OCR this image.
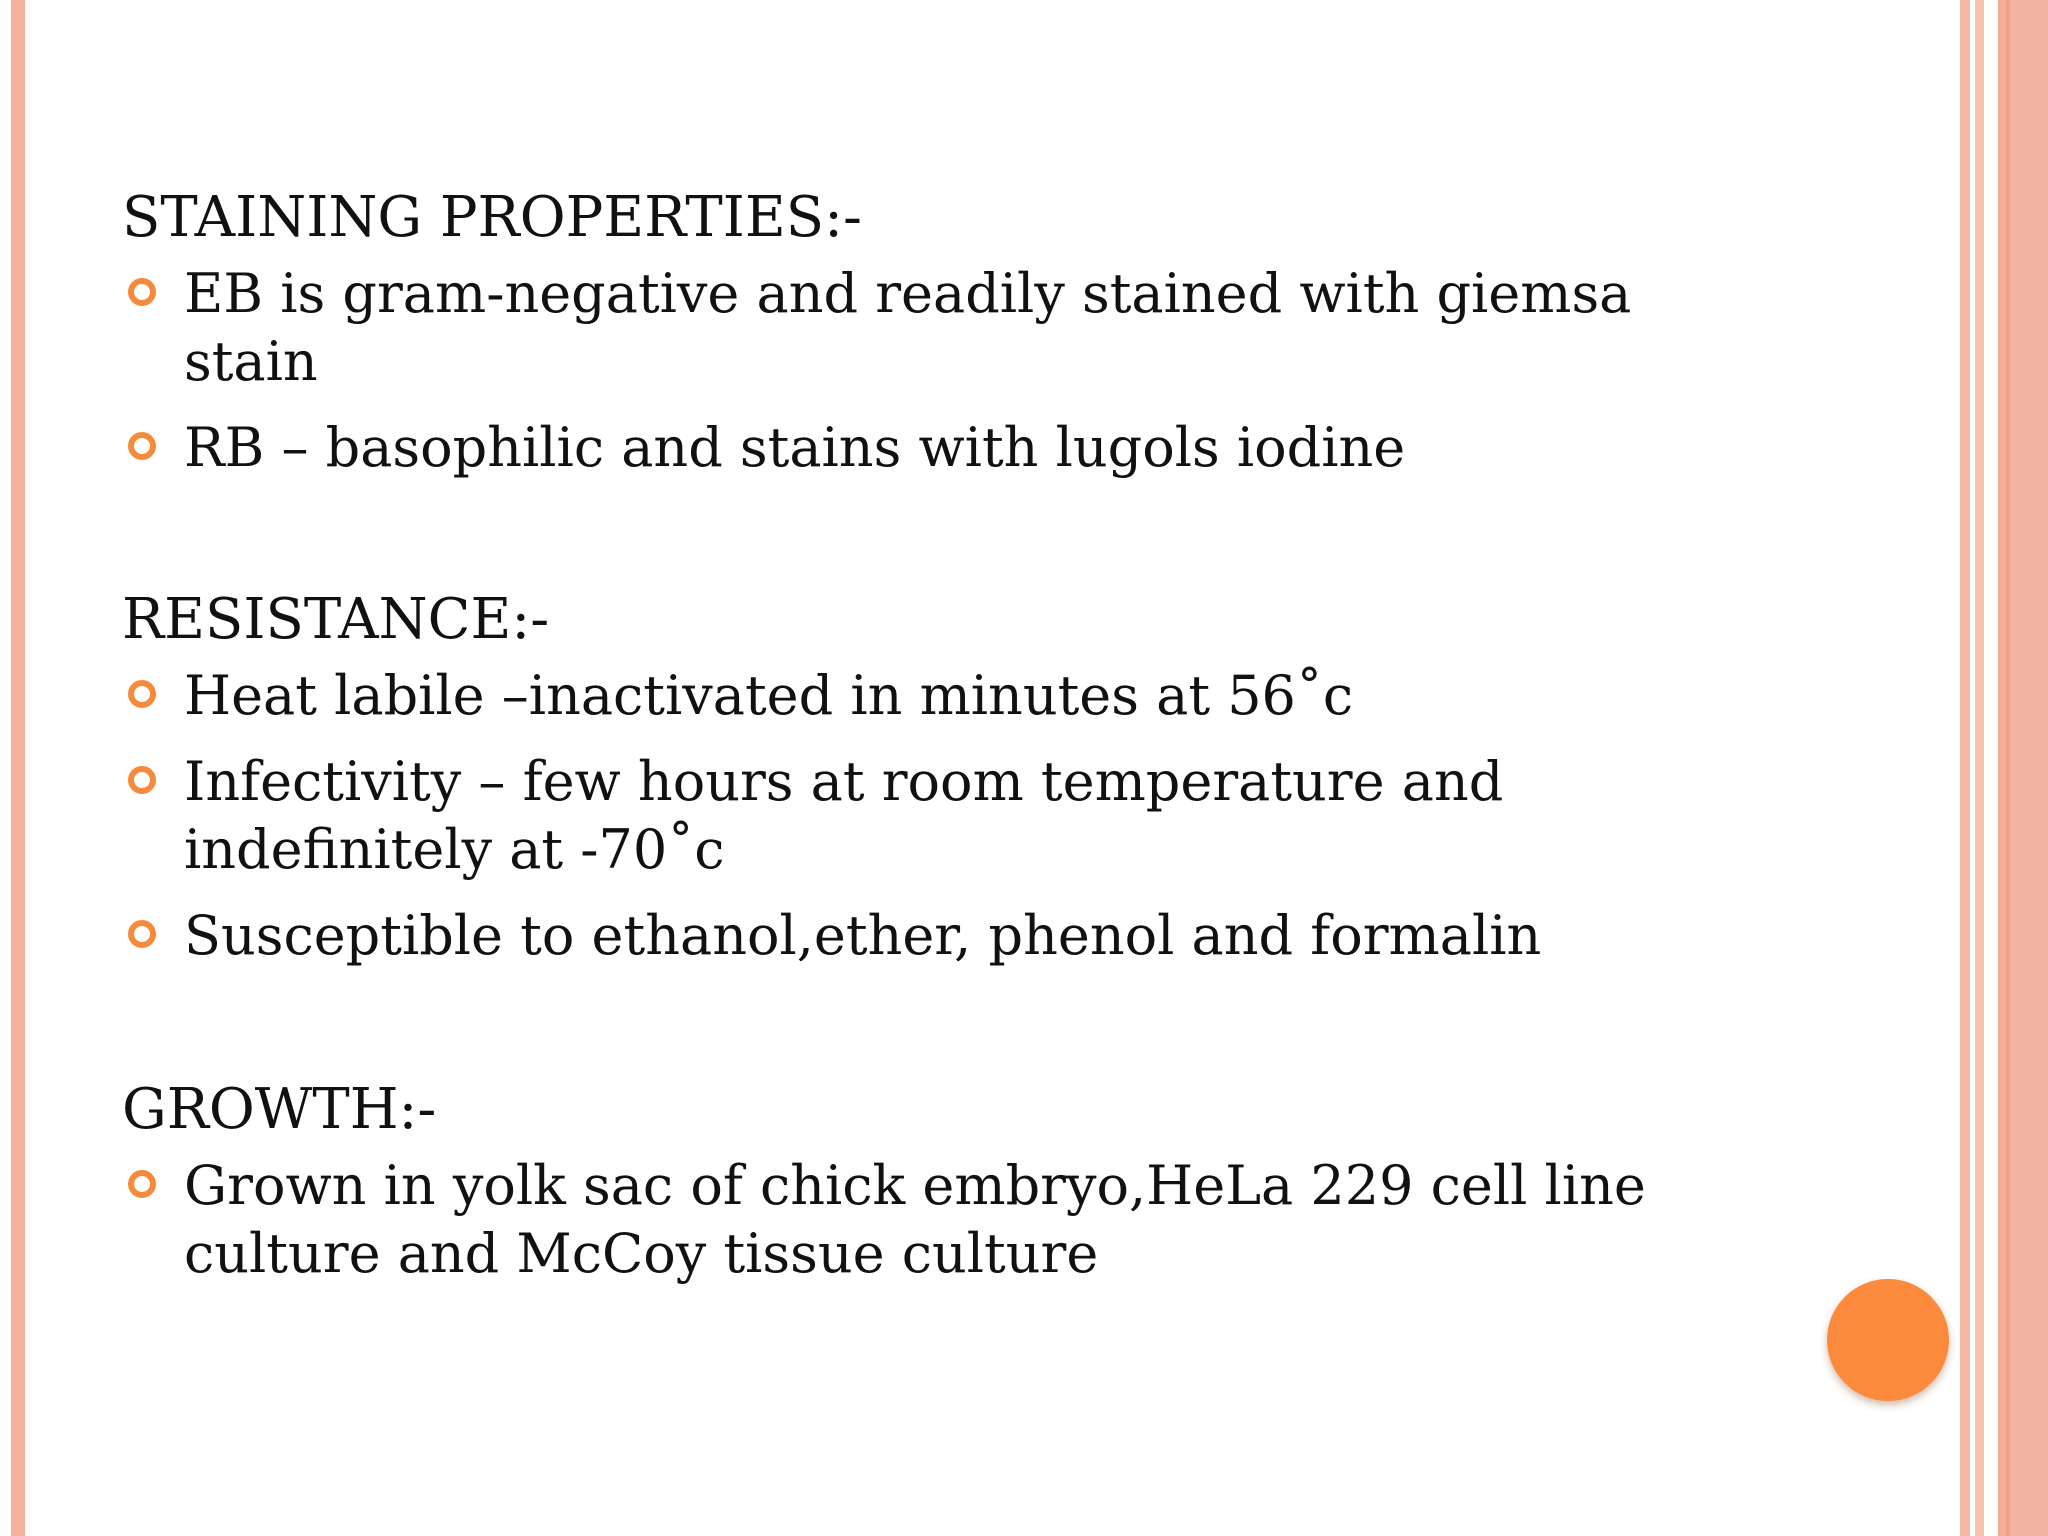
STAINING PROPERTIES:-
EB is gram-negative and readily stained with giemsa stain
RB – basophilic and stains with lugols iodine
RESISTANCE:-
Heat labile –inactivated in minutes at 56˚c
Infectivity – few hours at room temperature and indefinitely at -70˚c
Susceptible to ethanol,ether, phenol and formalin
GROWTH:-
Grown in yolk sac of chick embryo,HeLa 229 cell line culture and McCoy tissue culture
